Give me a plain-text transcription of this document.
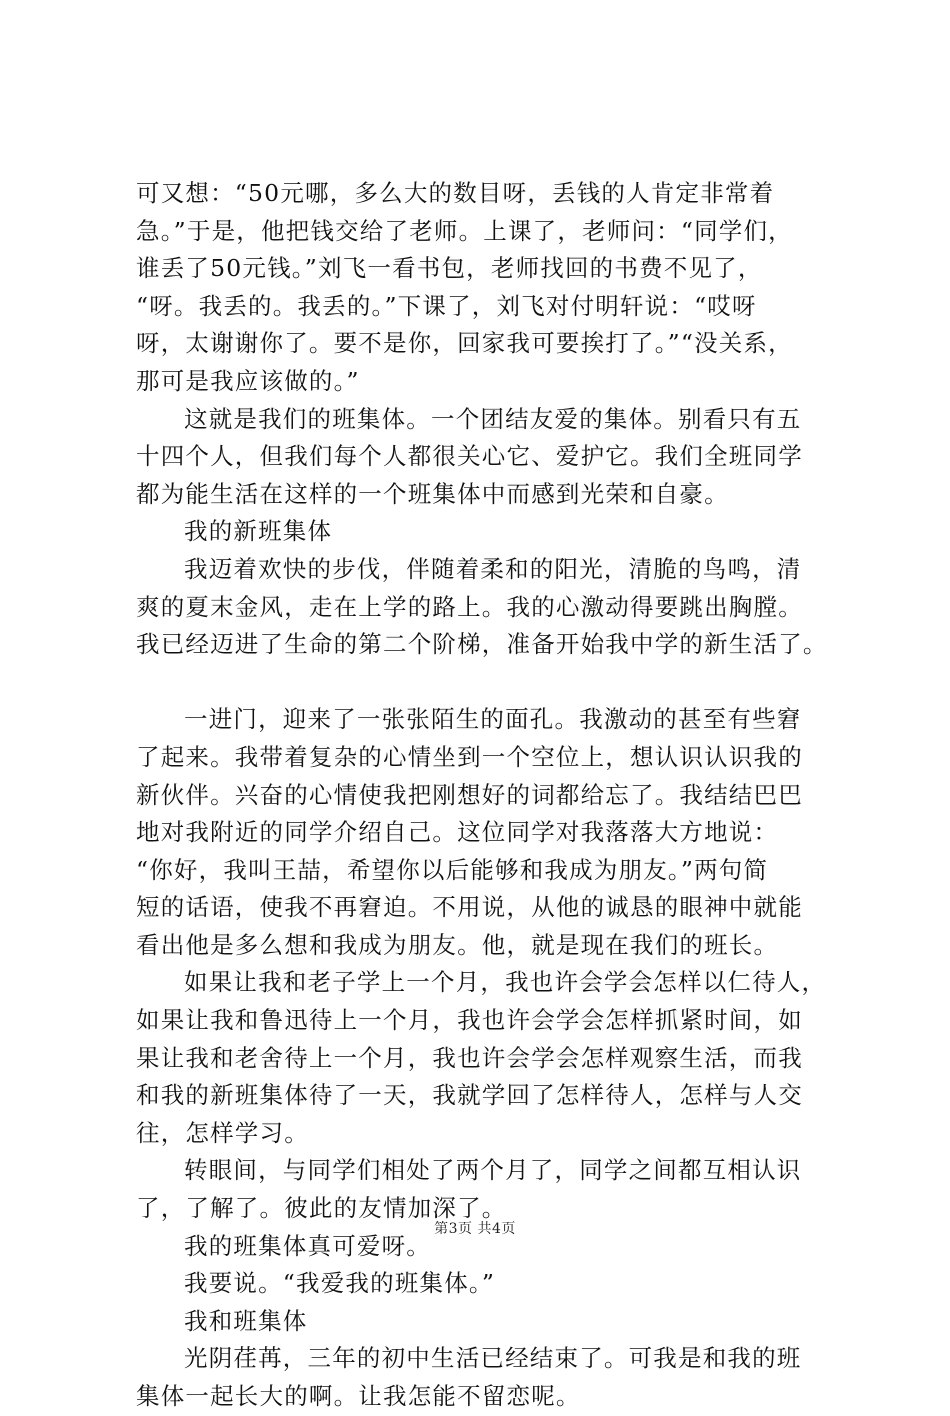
可又想：“50元哪，多么大的数目呀，丢钱的人肯定非常着
急。”于是，他把钱交给了老师。上课了，老师问：“同学们，
谁丢了50元钱。”刘飞一看书包，老师找回的书费不见了，
“呀。我丢的。我丢的。”下课了，刘飞对付明轩说：“哎呀
呀，太谢谢你了。要不是你，回家我可要挨打了。”“没关系，
那可是我应该做的。”
这就是我们的班集体。一个团结友爱的集体。别看只有五
十四个人，但我们每个人都很关心它、爱护它。我们全班同学
都为能生活在这样的一个班集体中而感到光荣和自豪。
我的新班集体
我迈着欢快的步伐，伴随着柔和的阳光，清脆的鸟鸣，清
爽的夏末金风，走在上学的路上。我的心激动得要跳出胸膛。
我已经迈进了生命的第二个阶梯，准备开始我中学的新生活了。
一进门，迎来了一张张陌生的面孔。我激动的甚至有些窘
了起来。我带着复杂的心情坐到一个空位上，想认识认识我的
新伙伴。兴奋的心情使我把刚想好的词都给忘了。我结结巴巴
地对我附近的同学介绍自己。这位同学对我落落大方地说：
“你好，我叫王喆，希望你以后能够和我成为朋友。”两句简
短的话语，使我不再窘迫。不用说，从他的诚恳的眼神中就能
看出他是多么想和我成为朋友。他，就是现在我们的班长。
如果让我和老子学上一个月，我也许会学会怎样以仁待人，
如果让我和鲁迅待上一个月，我也许会学会怎样抓紧时间，如
果让我和老舍待上一个月，我也许会学会怎样观察生活，而我
和我的新班集体待了一天，我就学回了怎样待人，怎样与人交
往，怎样学习。
转眼间，与同学们相处了两个月了，同学之间都互相认识
了，了解了。彼此的友情加深了。
我的班集体真可爱呀。
我要说。“我爱我的班集体。”
我和班集体
光阴荏苒，三年的初中生活已经结束了。可我是和我的班
集体一起长大的啊。让我怎能不留恋呢。
第3页 共4页
